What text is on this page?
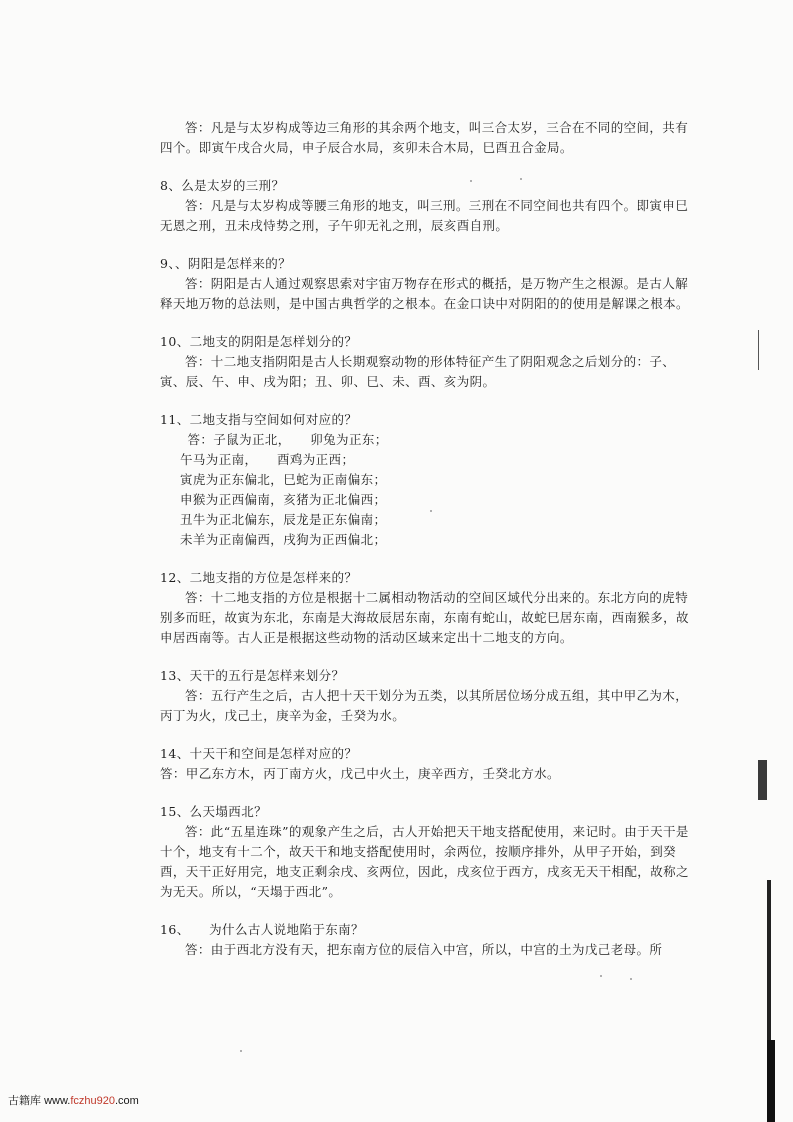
答：凡是与太岁构成等边三角形的其余两个地支，叫三合太岁，三合在不同的空间，共有四个。即寅午戌合火局，申子辰合水局，亥卯未合木局，巳酉丑合金局。

8、么是太岁的三刑？

答：凡是与太岁构成等腰三角形的地支，叫三刑。三刑在不同空间也共有四个。即寅申巳无恩之刑，丑未戌恃势之刑，子午卯无礼之刑，辰亥酉自刑。

9、、阴阳是怎样来的？

答：阴阳是古人通过观察思索对宇宙万物存在形式的概括，是万物产生之根源。是古人解释天地万物的总法则，是中国古典哲学的之根本。在金口诀中对阴阳的的使用是解课之根本。

10、二地支的阴阳是怎样划分的？

答：十二地支指阴阳是古人长期观察动物的形体特征产生了阴阳观念之后划分的：子、寅、辰、午、申、戌为阳；丑、卯、巳、未、酉、亥为阴。

11、二地支指与空间如何对应的？

答：子鼠为正北，　　卯兔为正东；

午马为正南，　　酉鸡为正西；

寅虎为正东偏北，巳蛇为正南偏东；

申猴为正西偏南，亥猪为正北偏西；

丑牛为正北偏东，辰龙是正东偏南；

未羊为正南偏西，戌狗为正西偏北；

12、二地支指的方位是怎样来的？

答：十二地支指的方位是根据十二属相动物活动的空间区域代分出来的。东北方向的虎特别多而旺，故寅为东北，东南是大海故辰居东南，东南有蛇山，故蛇巳居东南，西南猴多，故申居西南等。古人正是根据这些动物的活动区域来定出十二地支的方向。

13、天干的五行是怎样来划分？

答：五行产生之后，古人把十天干划分为五类，以其所居位场分成五组，其中甲乙为木，丙丁为火，戊己土，庚辛为金，壬癸为水。

14、十天干和空间是怎样对应的？

答：甲乙东方木，丙丁南方火，戊己中火土，庚辛西方，壬癸北方水。

15、么天塌西北？

答：此“五星连珠”的观象产生之后，古人开始把天干地支搭配使用，来记时。由于天干是十个，地支有十二个，故天干和地支搭配使用时，余两位，按顺序排外，从甲子开始，到癸酉，天干正好用完，地支正剩余戌、亥两位，因此，戌亥位于西方，戌亥无天干相配，故称之为无天。所以，“天塌于西北”。

16、　　为什么古人说地陷于东南？

答：由于西北方没有天，把东南方位的辰信入中宫，所以，中宫的土为戊己老母。所

古籍库 www.fczhu920.com
